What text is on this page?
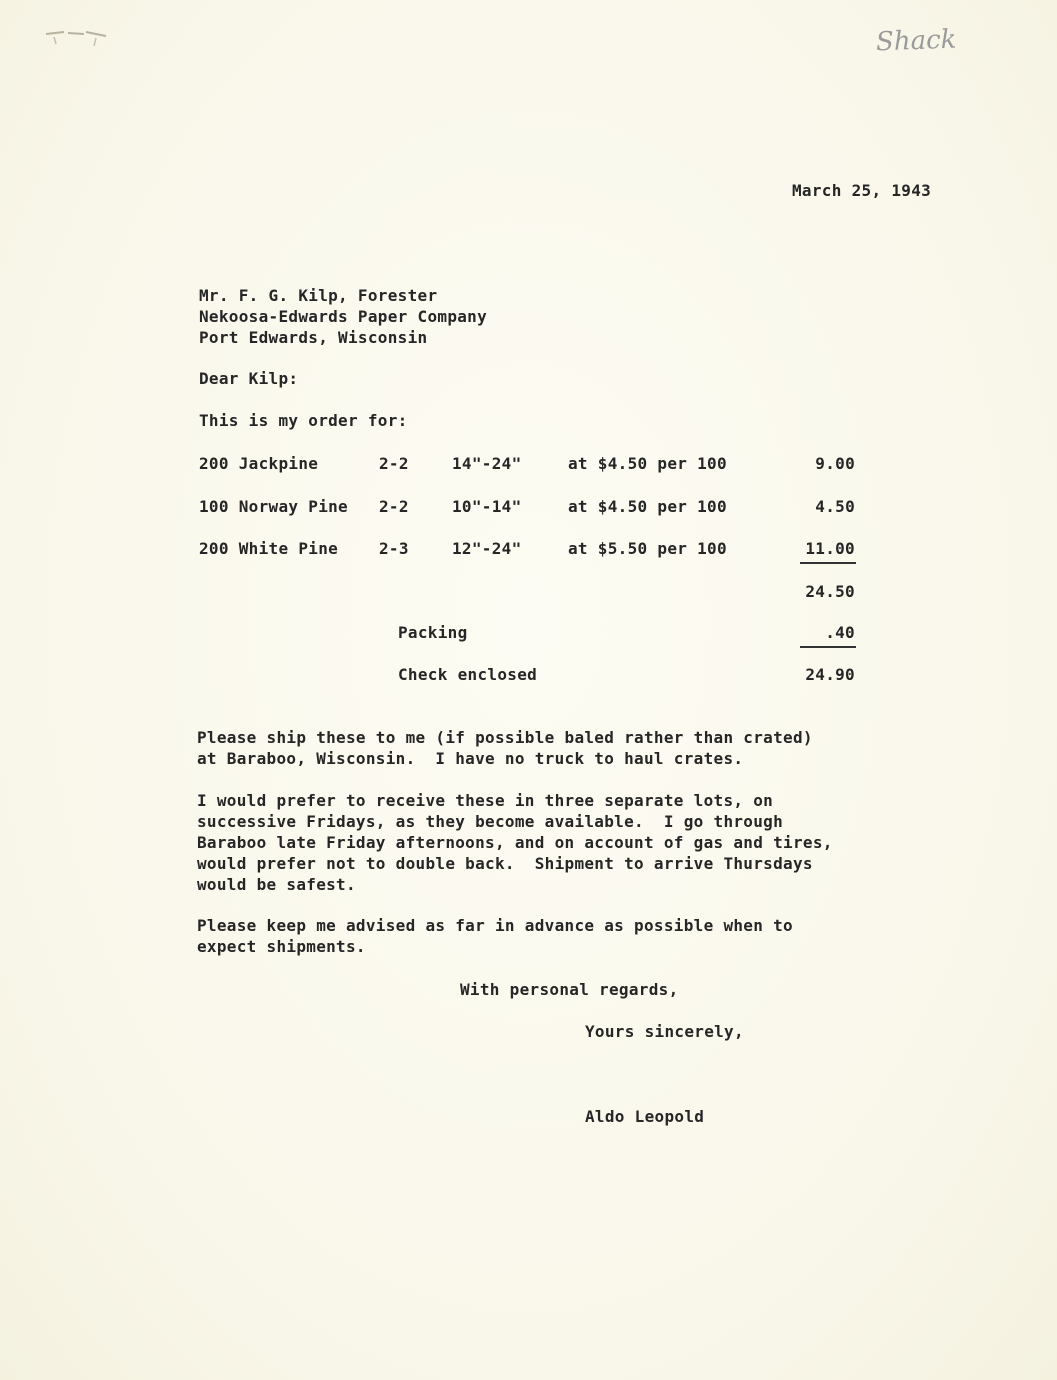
Shack
March 25, 1943
Mr. F. G. Kilp, Forester
Nekoosa-Edwards Paper Company
Port Edwards, Wisconsin
Dear Kilp:
This is my order for:
200 Jackpine	2-2	14"-24"	at $4.50 per 100	9.00
100 Norway Pine 2-2	10"-14"	at $4.50 per 100	4.50
200 White Pine	2-3	12"-24"	at $5.50 per 100	11.00
24.50
Packing	.40
Check enclosed	24.90
Please ship these to me (if possible baled rather than crated)
at Baraboo, Wisconsin.  I have no truck to haul crates.
I would prefer to receive these in three separate lots, on
successive Fridays, as they become available.  I go through
Baraboo late Friday afternoons, and on account of gas and tires,
would prefer not to double back.  Shipment to arrive Thursdays
would be safest.
Please keep me advised as far in advance as possible when to
expect shipments.
With personal regards,
Yours sincerely,
Aldo Leopold
